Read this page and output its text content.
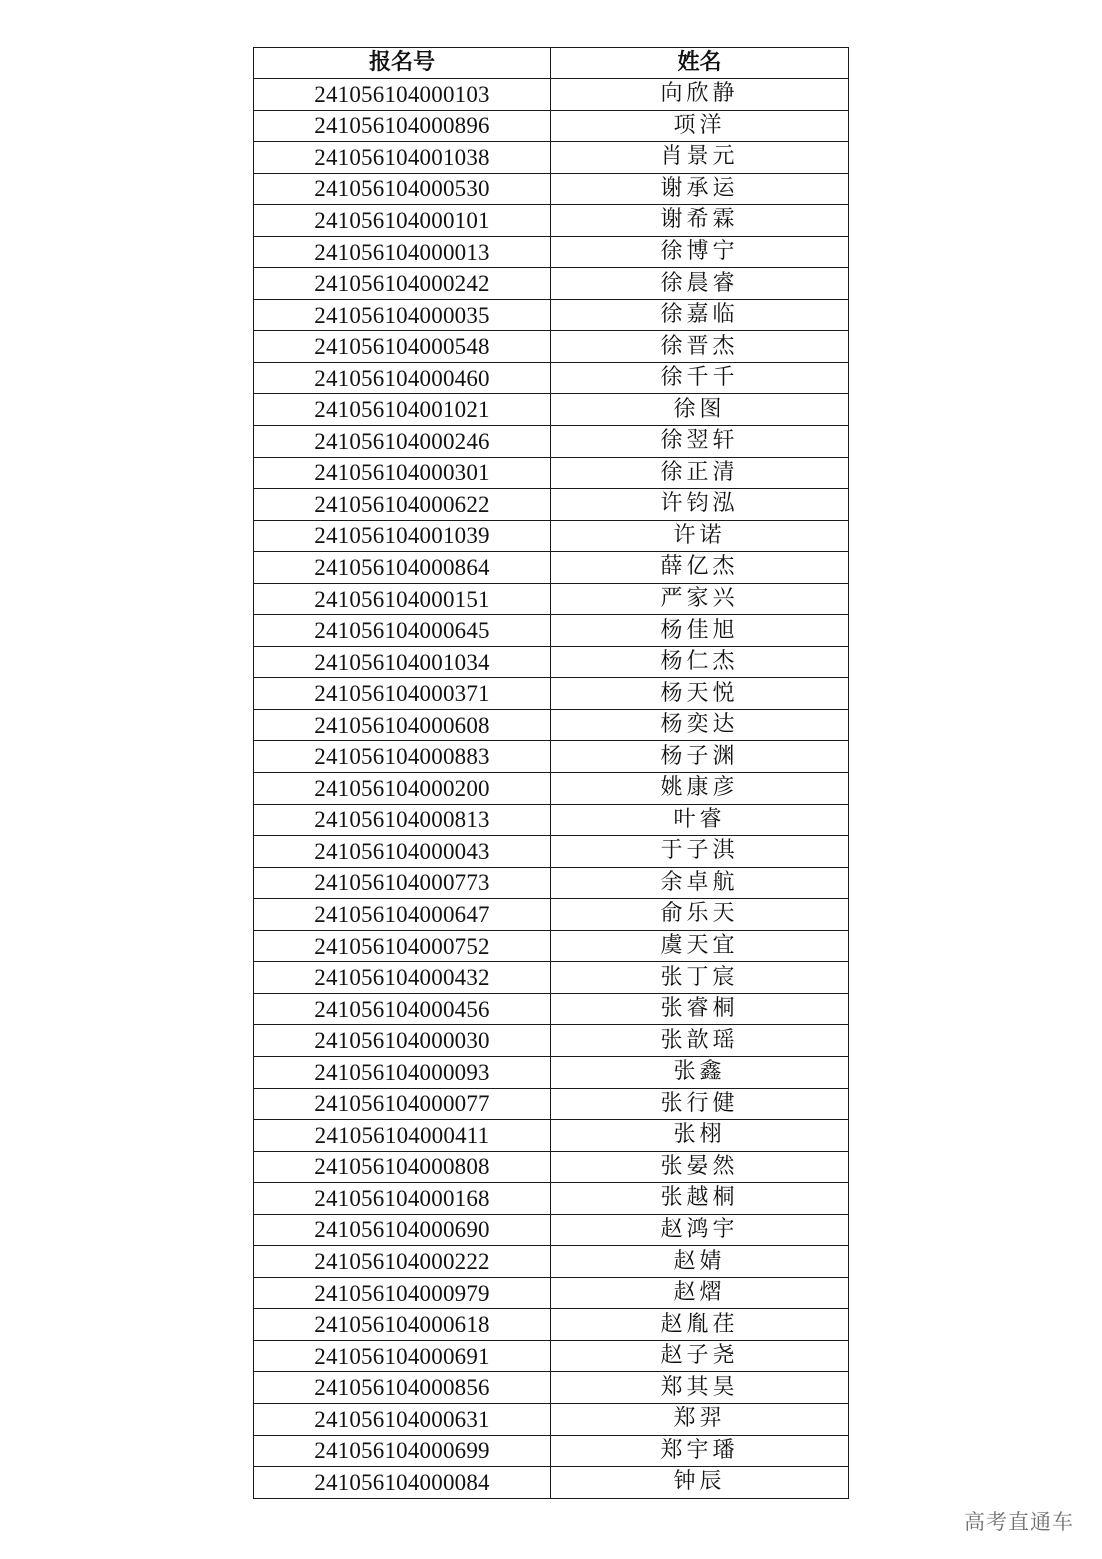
报名号	姓名
241056104000103	向欣静
241056104000896	项洋
241056104001038	肖景元
241056104000530	谢承运
241056104000101	谢希霖
241056104000013	徐博宁
241056104000242	徐晨睿
241056104000035	徐嘉临
241056104000548	徐晋杰
241056104000460	徐千千
241056104001021	徐图
241056104000246	徐翌轩
241056104000301	徐正清
241056104000622	许钧泓
241056104001039	许诺
241056104000864	薛亿杰
241056104000151	严家兴
241056104000645	杨佳旭
241056104001034	杨仁杰
241056104000371	杨天悦
241056104000608	杨奕达
241056104000883	杨子渊
241056104000200	姚康彦
241056104000813	叶睿
241056104000043	于子淇
241056104000773	余卓航
241056104000647	俞乐天
241056104000752	虞天宜
241056104000432	张丁宸
241056104000456	张睿桐
241056104000030	张歆瑶
241056104000093	张鑫
241056104000077	张行健
241056104000411	张栩
241056104000808	张晏然
241056104000168	张越桐
241056104000690	赵鸿宇
241056104000222	赵婧
241056104000979	赵熠
241056104000618	赵胤荏
241056104000691	赵子尧
241056104000856	郑其昊
241056104000631	郑羿
241056104000699	郑宇璠
241056104000084	钟辰
高考直通车
